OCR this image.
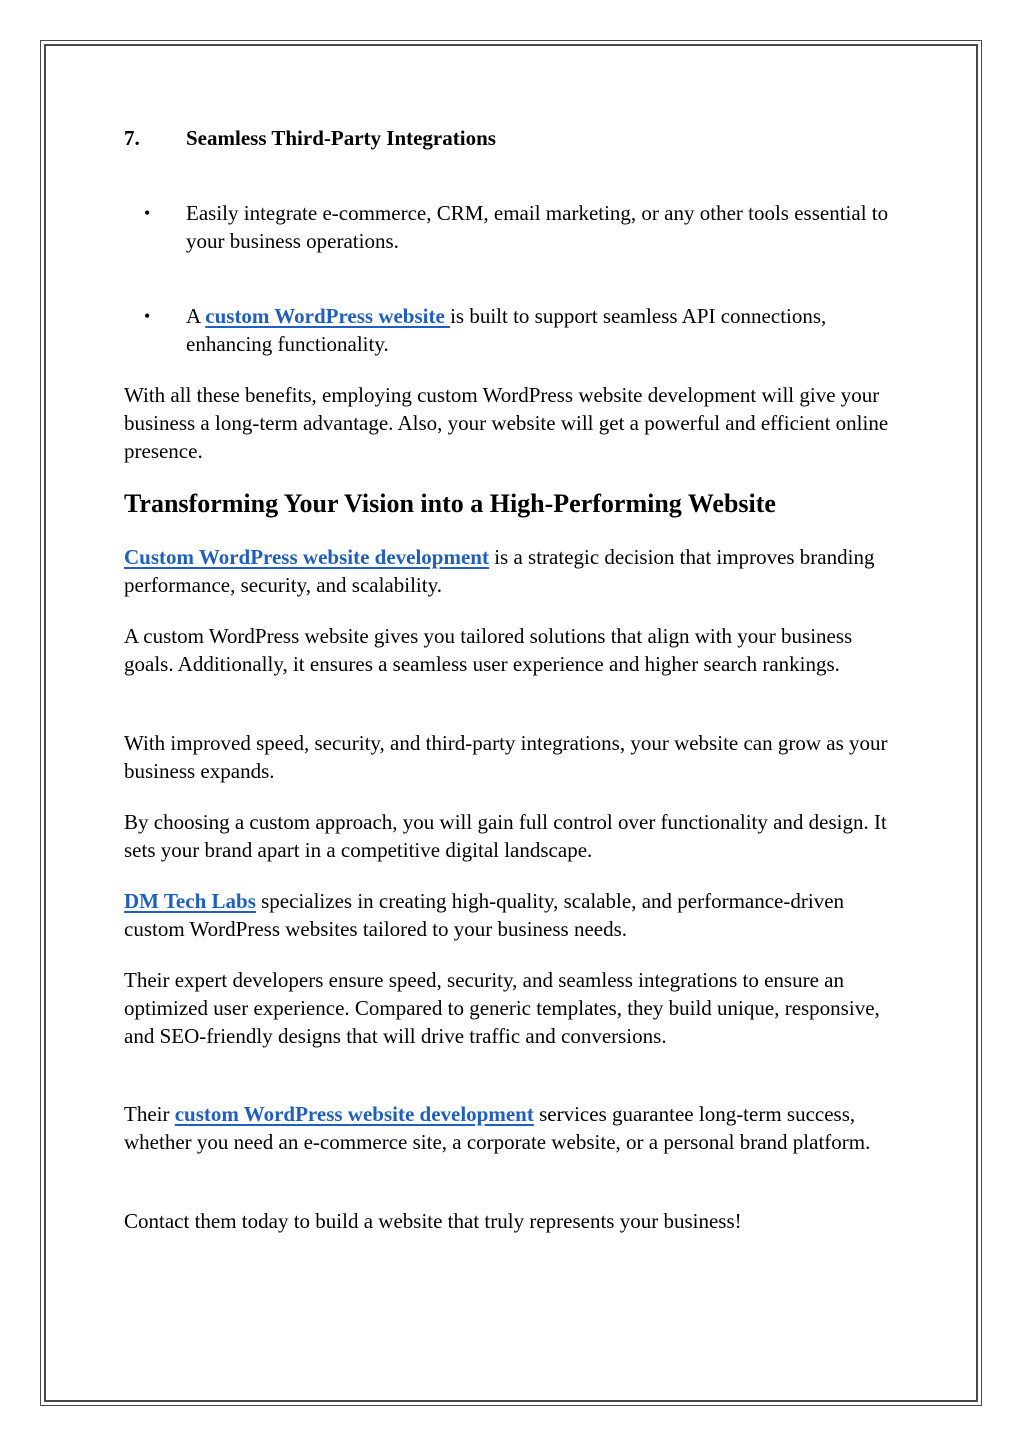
7. Seamless Third-Party Integrations
• Easily integrate e-commerce, CRM, email marketing, or any other tools essential to your business operations.
• A custom WordPress website is built to support seamless API connections, enhancing functionality.

With all these benefits, employing custom WordPress website development will give your business a long-term advantage. Also, your website will get a powerful and efficient online presence.

Transforming Your Vision into a High-Performing Website

Custom WordPress website development is a strategic decision that improves branding performance, security, and scalability.

A custom WordPress website gives you tailored solutions that align with your business goals. Additionally, it ensures a seamless user experience and higher search rankings.

With improved speed, security, and third-party integrations, your website can grow as your business expands.

By choosing a custom approach, you will gain full control over functionality and design. It sets your brand apart in a competitive digital landscape.

DM Tech Labs specializes in creating high-quality, scalable, and performance-driven custom WordPress websites tailored to your business needs.

Their expert developers ensure speed, security, and seamless integrations to ensure an optimized user experience. Compared to generic templates, they build unique, responsive, and SEO-friendly designs that will drive traffic and conversions.

Their custom WordPress website development services guarantee long-term success, whether you need an e-commerce site, a corporate website, or a personal brand platform.

Contact them today to build a website that truly represents your business!
